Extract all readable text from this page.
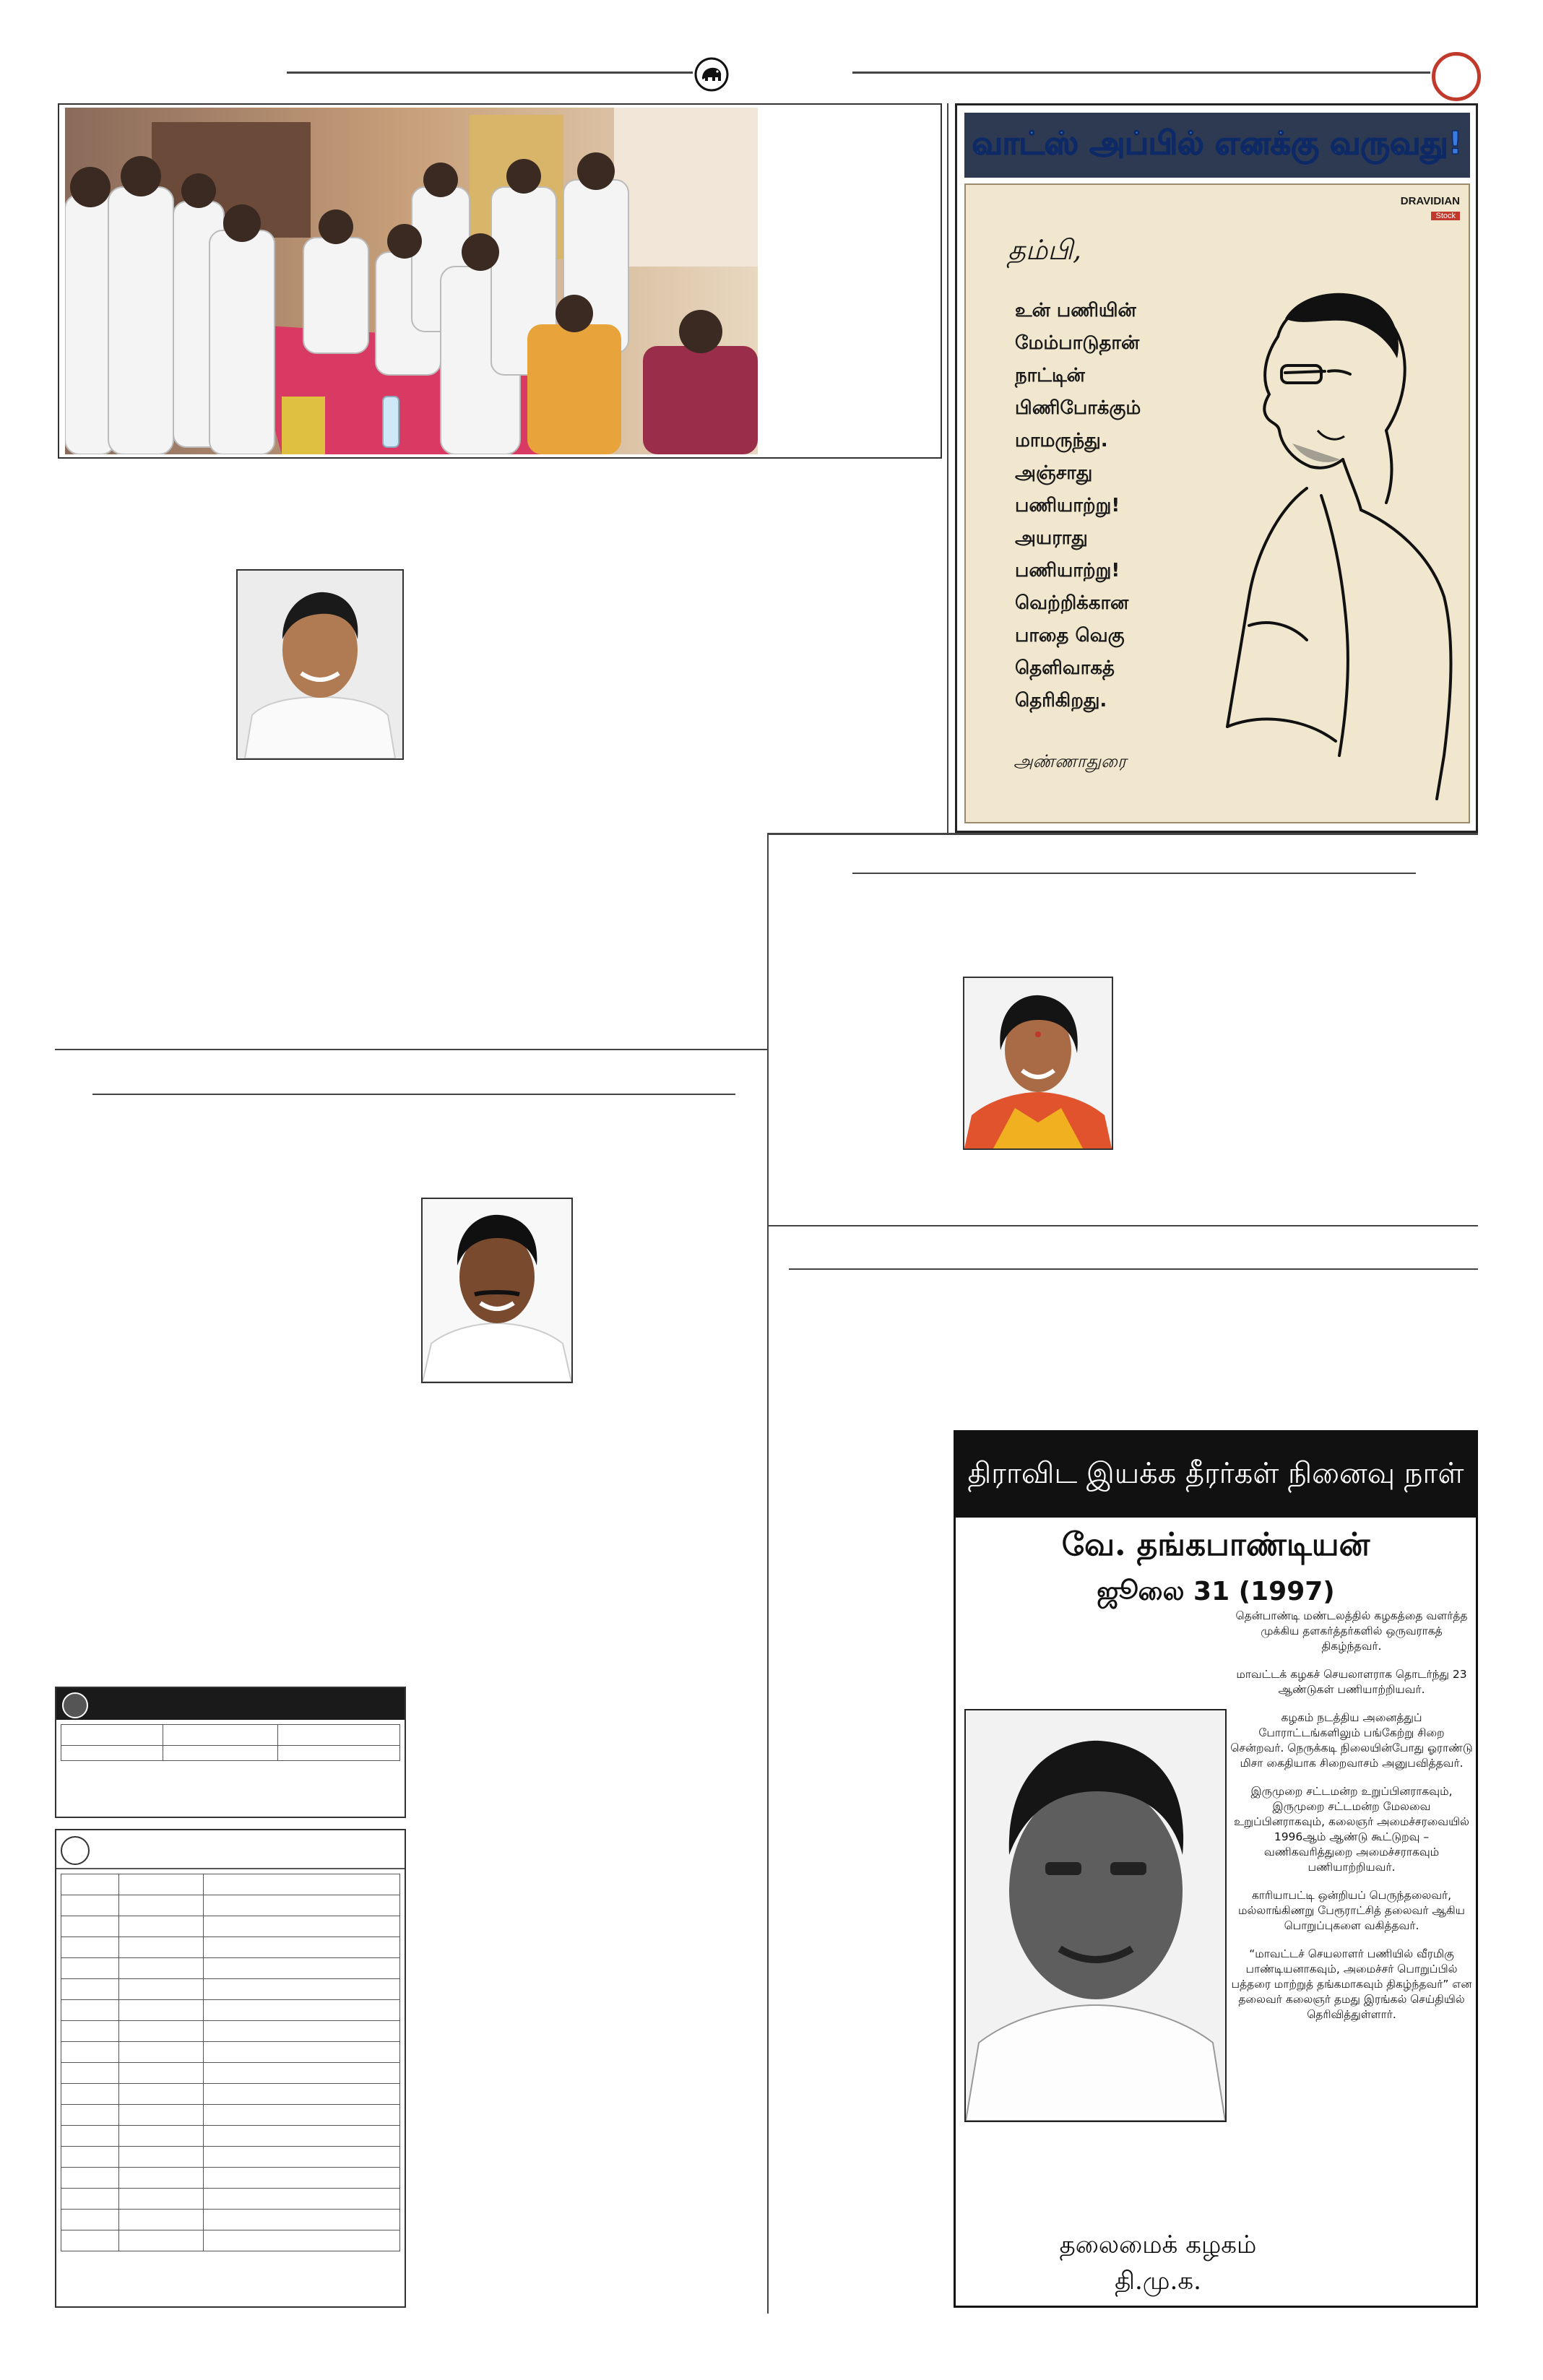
வாட்ஸ் அப்பில் எனக்கு வருவது!
DRAVIDIAN
Stock
தம்பி,
உன் பணியின்
மேம்பாடுதான்
நாட்டின்
பிணிபோக்கும்
மாமருந்து.
அஞ்சாது
பணியாற்று!
அயராது
பணியாற்று!
வெற்றிக்கான
பாதை வெகு
தெளிவாகத்
தெரிகிறது.
அண்ணாதுரை

திராவிட இயக்க தீரர்கள் நினைவு நாள்
வே. தங்கபாண்டியன்
ஜூலை 31 (1997)

தென்பாண்டி மண்டலத்தில் கழகத்தை வளர்த்த முக்கிய தளகர்த்தர்களில் ஒருவராகத் திகழ்ந்தவர்.

மாவட்டக் கழகச் செயலாளராக தொடர்ந்து 23 ஆண்டுகள் பணியாற்றியவர்.

கழகம் நடத்திய அனைத்துப் போராட்டங்களிலும் பங்கேற்று சிறை சென்றவர். நெருக்கடி நிலையின்போது ஓராண்டு மிசா கைதியாக சிறைவாசம் அனுபவித்தவர்.

இருமுறை சட்டமன்ற உறுப்பினராகவும், இருமுறை சட்டமன்ற மேலவை உறுப்பினராகவும், கலைஞர் அமைச்சரவையில் 1996ஆம் ஆண்டு கூட்டுறவு – வணிகவரித்துறை அமைச்சராகவும் பணியாற்றியவர்.

காரியாபட்டி ஒன்றியப் பெருந்தலைவர், மல்லாங்கிணறு பேரூராட்சித் தலைவர் ஆகிய பொறுப்புகளை வகித்தவர்.

“மாவட்டச் செயலாளர் பணியில் வீரமிகு பாண்டியனாகவும், அமைச்சர் பொறுப்பில் பத்தரை மாற்றுத் தங்கமாகவும் திகழ்ந்தவர்” என தலைவர் கலைஞர் தமது இரங்கல் செய்தியில் தெரிவித்துள்ளார்.

தலைமைக் கழகம்
தி.மு.க.
